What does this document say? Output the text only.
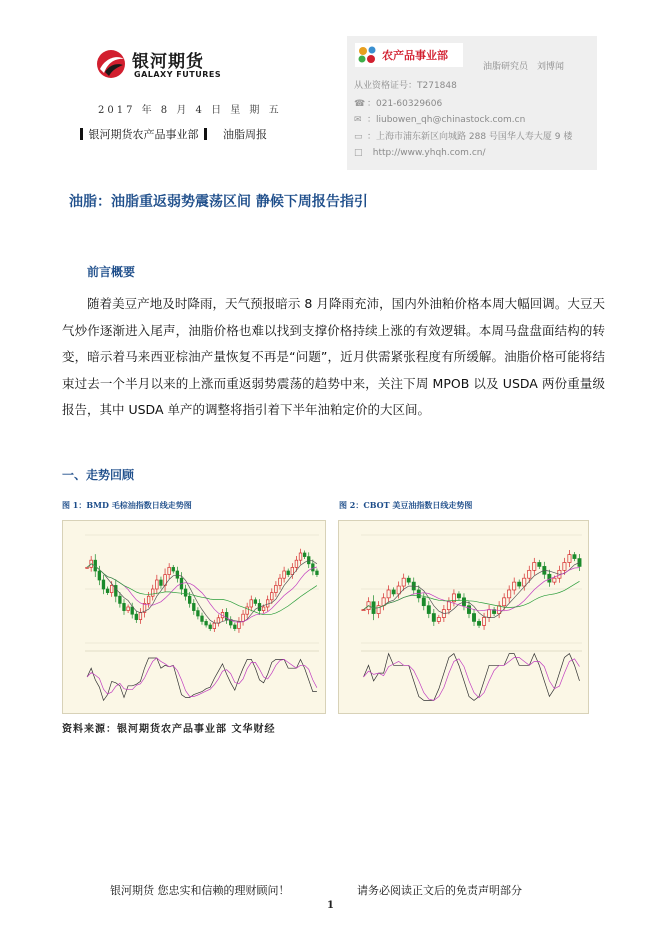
银河期货
GALAXY FUTURES
2017 年 8 月 4 日 星 期 五
银河期货农产品事业部 油脂周报
农产品事业部
油脂研究员　刘博闻
从业资格证号：T271848
☎ ：021-60329606
✉ ：liubowen_qh@chinastock.com.cn
▭ ：上海市浦东新区向城路 288 号国华人寿大厦 9 楼
□ http://www.yhqh.com.cn/
油脂：油脂重返弱势震荡区间 静候下周报告指引
前言概要
随着美豆产地及时降雨，天气预报暗示 8 月降雨充沛，国内外油粕价格本周大幅回调。大豆天气炒作逐渐进入尾声，油脂价格也难以找到支撑价格持续上涨的有效逻辑。本周马盘盘面结构的转变，暗示着马来西亚棕油产量恢复不再是“问题”，近月供需紧张程度有所缓解。油脂价格可能将结束过去一个半月以来的上涨而重返弱势震荡的趋势中来，关注下周 MPOB 以及 USDA 两份重量级报告，其中 USDA 单产的调整将指引着下半年油粕定价的大区间。
一、走势回顾
图 1：BMD 毛棕油指数日线走势图	图 2：CBOT 美豆油指数日线走势图
资料来源：银河期货农产品事业部 文华财经
银河期货 您忠实和信赖的理财顾问！	请务必阅读正文后的免责声明部分
1
